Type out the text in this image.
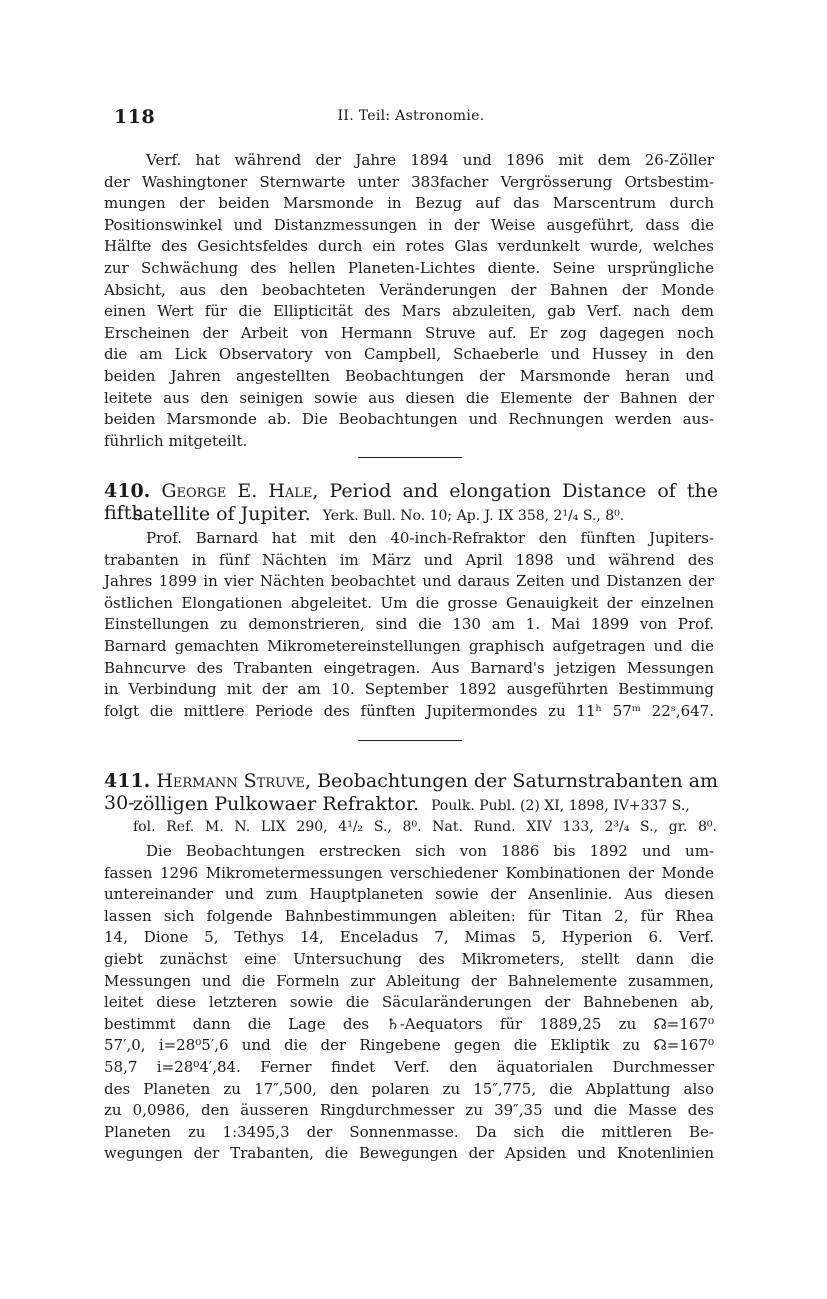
118	II. Teil: Astronomie.
Verf. hat während der Jahre 1894 und 1896 mit dem 26-Zöller
der Washingtoner Sternwarte unter 383facher Vergrösserung Ortsbestim-
mungen der beiden Marsmonde in Bezug auf das Marscentrum durch
Positionswinkel und Distanzmessungen in der Weise ausgeführt, dass die
Hälfte des Gesichtsfeldes durch ein rotes Glas verdunkelt wurde, welches
zur Schwächung des hellen Planeten-Lichtes diente. Seine ursprüngliche
Absicht, aus den beobachteten Veränderungen der Bahnen der Monde
einen Wert für die Ellipticität des Mars abzuleiten, gab Verf. nach dem
Erscheinen der Arbeit von Hermann Struve auf. Er zog dagegen noch
die am Lick Observatory von Campbell, Schaeberle und Hussey in den
beiden Jahren angestellten Beobachtungen der Marsmonde heran und
leitete aus den seinigen sowie aus diesen die Elemente der Bahnen der
beiden Marsmonde ab. Die Beobachtungen und Rechnungen werden aus-
führlich mitgeteilt.
410. George E. Hale, Period and elongation Distance of the fifth
satellite of Jupiter. Yerk. Bull. No. 10; Ap. J. IX 358, 2¹/₄ S., 8⁰.
Prof. Barnard hat mit den 40-inch-Refraktor den fünften Jupiters-
trabanten in fünf Nächten im März und April 1898 und während des
Jahres 1899 in vier Nächten beobachtet und daraus Zeiten und Distanzen der
östlichen Elongationen abgeleitet. Um die grosse Genauigkeit der einzelnen
Einstellungen zu demonstrieren, sind die 130 am 1. Mai 1899 von Prof.
Barnard gemachten Mikrometereinstellungen graphisch aufgetragen und die
Bahncurve des Trabanten eingetragen. Aus Barnard's jetzigen Messungen
in Verbindung mit der am 10. September 1892 ausgeführten Bestimmung
folgt die mittlere Periode des fünften Jupitermondes zu 11ʰ 57ᵐ 22ˢ,647.
411. Hermann Struve, Beobachtungen der Saturnstrabanten am 30-
zölligen Pulkowaer Refraktor. Poulk. Publ. (2) XI, 1898, IV+337 S.,
fol. Ref. M. N. LIX 290, 4¹/₂ S., 8⁰. Nat. Rund. XIV 133, 2³/₄ S., gr. 8⁰.
Die Beobachtungen erstrecken sich von 1886 bis 1892 und um-
fassen 1296 Mikrometermessungen verschiedener Kombinationen der Monde
untereinander und zum Hauptplaneten sowie der Ansenlinie. Aus diesen
lassen sich folgende Bahnbestimmungen ableiten: für Titan 2, für Rhea
14, Dione 5, Tethys 14, Enceladus 7, Mimas 5, Hyperion 6. Verf.
giebt zunächst eine Untersuchung des Mikrometers, stellt dann die
Messungen und die Formeln zur Ableitung der Bahnelemente zusammen,
leitet diese letzteren sowie die Säcularänderungen der Bahnebenen ab,
bestimmt dann die Lage des ♄-Aequators für 1889,25 zu ☊=167⁰
57′,0, i=28⁰5′,6 und die der Ringebene gegen die Ekliptik zu ☊=167⁰
58,7 i=28⁰4′,84. Ferner findet Verf. den äquatorialen Durchmesser
des Planeten zu 17″,500, den polaren zu 15″,775, die Abplattung also
zu 0,0986, den äusseren Ringdurchmesser zu 39″,35 und die Masse des
Planeten zu 1:3495,3 der Sonnenmasse. Da sich die mittleren Be-
wegungen der Trabanten, die Bewegungen der Apsiden und Knotenlinien
